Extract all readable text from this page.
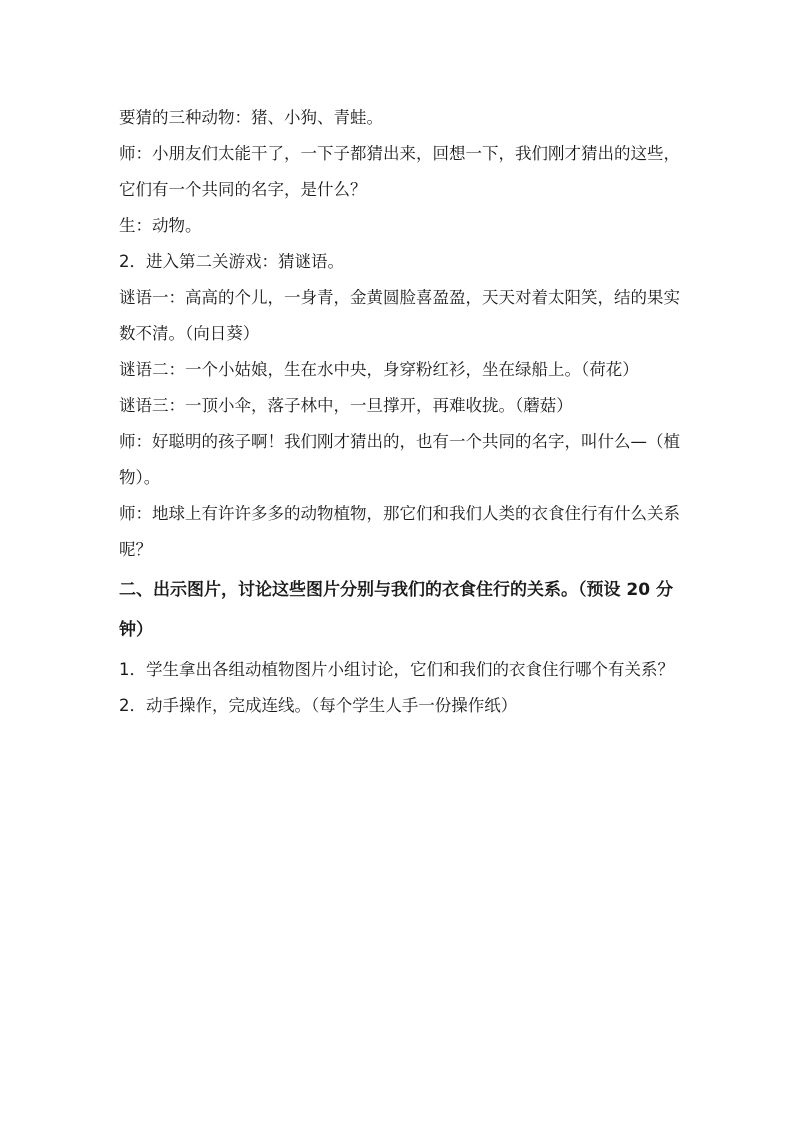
要猜的三种动物：猪、小狗、青蛙。

师：小朋友们太能干了，一下子都猜出来，回想一下，我们刚才猜出的这些，它们有一个共同的名字，是什么？

生：动物。

2．进入第二关游戏：猜谜语。

谜语一：高高的个儿，一身青，金黄圆脸喜盈盈，天天对着太阳笑，结的果实数不清。（向日葵）

谜语二：一个小姑娘，生在水中央，身穿粉红衫，坐在绿船上。（荷花）

谜语三：一顶小伞，落子林中，一旦撑开，再难收拢。（蘑菇）

师：好聪明的孩子啊！我们刚才猜出的，也有一个共同的名字，叫什么—（植物）。

师：地球上有许许多多的动物植物，那它们和我们人类的衣食住行有什么关系呢？

二、出示图片，讨论这些图片分别与我们的衣食住行的关系。（预设 20 分钟）

1．学生拿出各组动植物图片小组讨论，它们和我们的衣食住行哪个有关系？

2．动手操作，完成连线。（每个学生人手一份操作纸）
